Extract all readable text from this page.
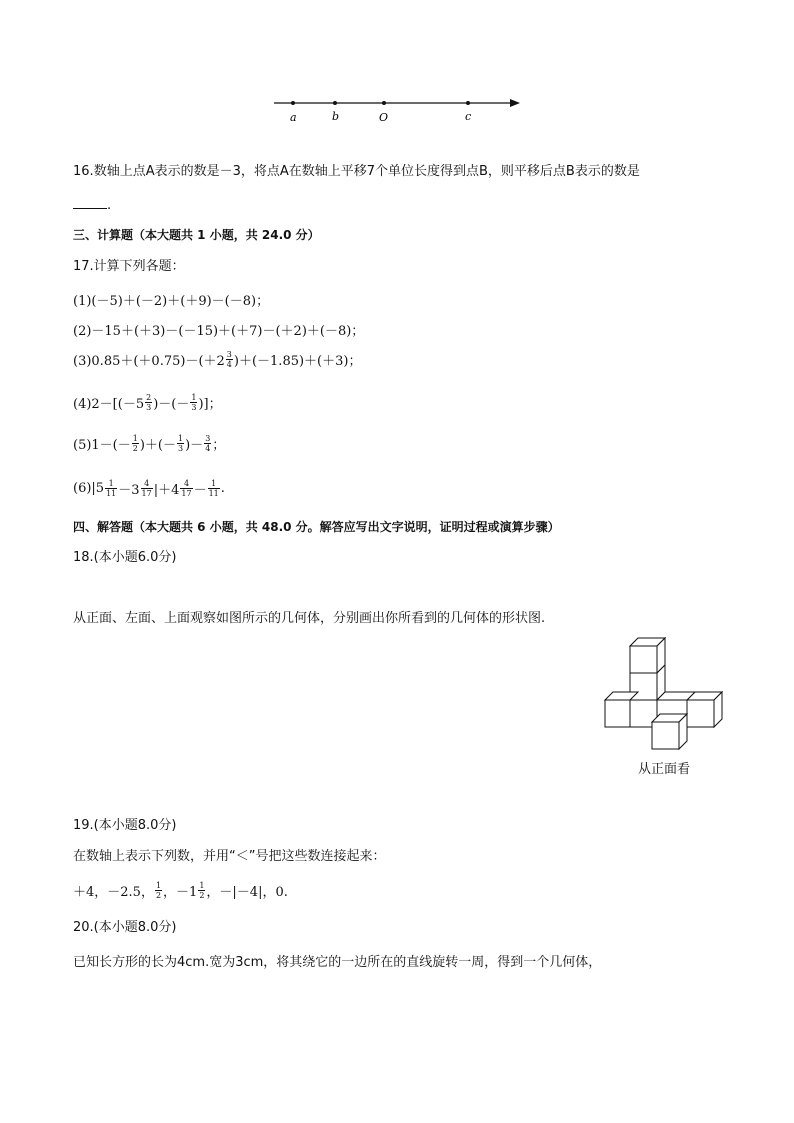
a	b	O	c
16.数轴上点A表示的数是－3，将点A在数轴上平移7个单位长度得到点B，则平移后点B表示的数是
.
三、计算题（本大题共 1 小题，共 24.0 分）
17.计算下列各题：
(1)(－5)＋(－2)＋(＋9)－(－8)；
(2)－15＋(＋3)－(－15)＋(＋7)－(＋2)＋(－8)；
$(3)0.85+(+0.75)-(+2 \frac{3}{4} )+(-1.85)+(+3)$；
$(4)2-[(-5 \frac{2}{3}$ )－(－ $\frac{1}{3}$ )]；
$(5)1-(- \frac{1}{2}$ )＋(－ $\frac{1}{3}$ )－ $\frac{3}{4}$ ；
$(6)|5 \frac{1}{11} -3 \frac{4}{17} |+4 \frac{4}{17} - \frac{1}{11}$ .
四、解答题（本大题共 6 小题，共 48.0 分。解答应写出文字说明，证明过程或演算步骤）
18.(本小题6.0分)
从正面、左面、上面观察如图所示的几何体，分别画出你所看到的几何体的形状图.
从正面看
19.(本小题8.0分)
在数轴上表示下列数，并用“＜”号把这些数连接起来：
＋4，－2.5， $\frac{1}{2}$ ，$-1 \frac{1}{2}$ ，－|－4|，0.
20.(本小题8.0分)
已知长方形的长为4cm.宽为3cm，将其绕它的一边所在的直线旋转一周，得到一个几何体，
